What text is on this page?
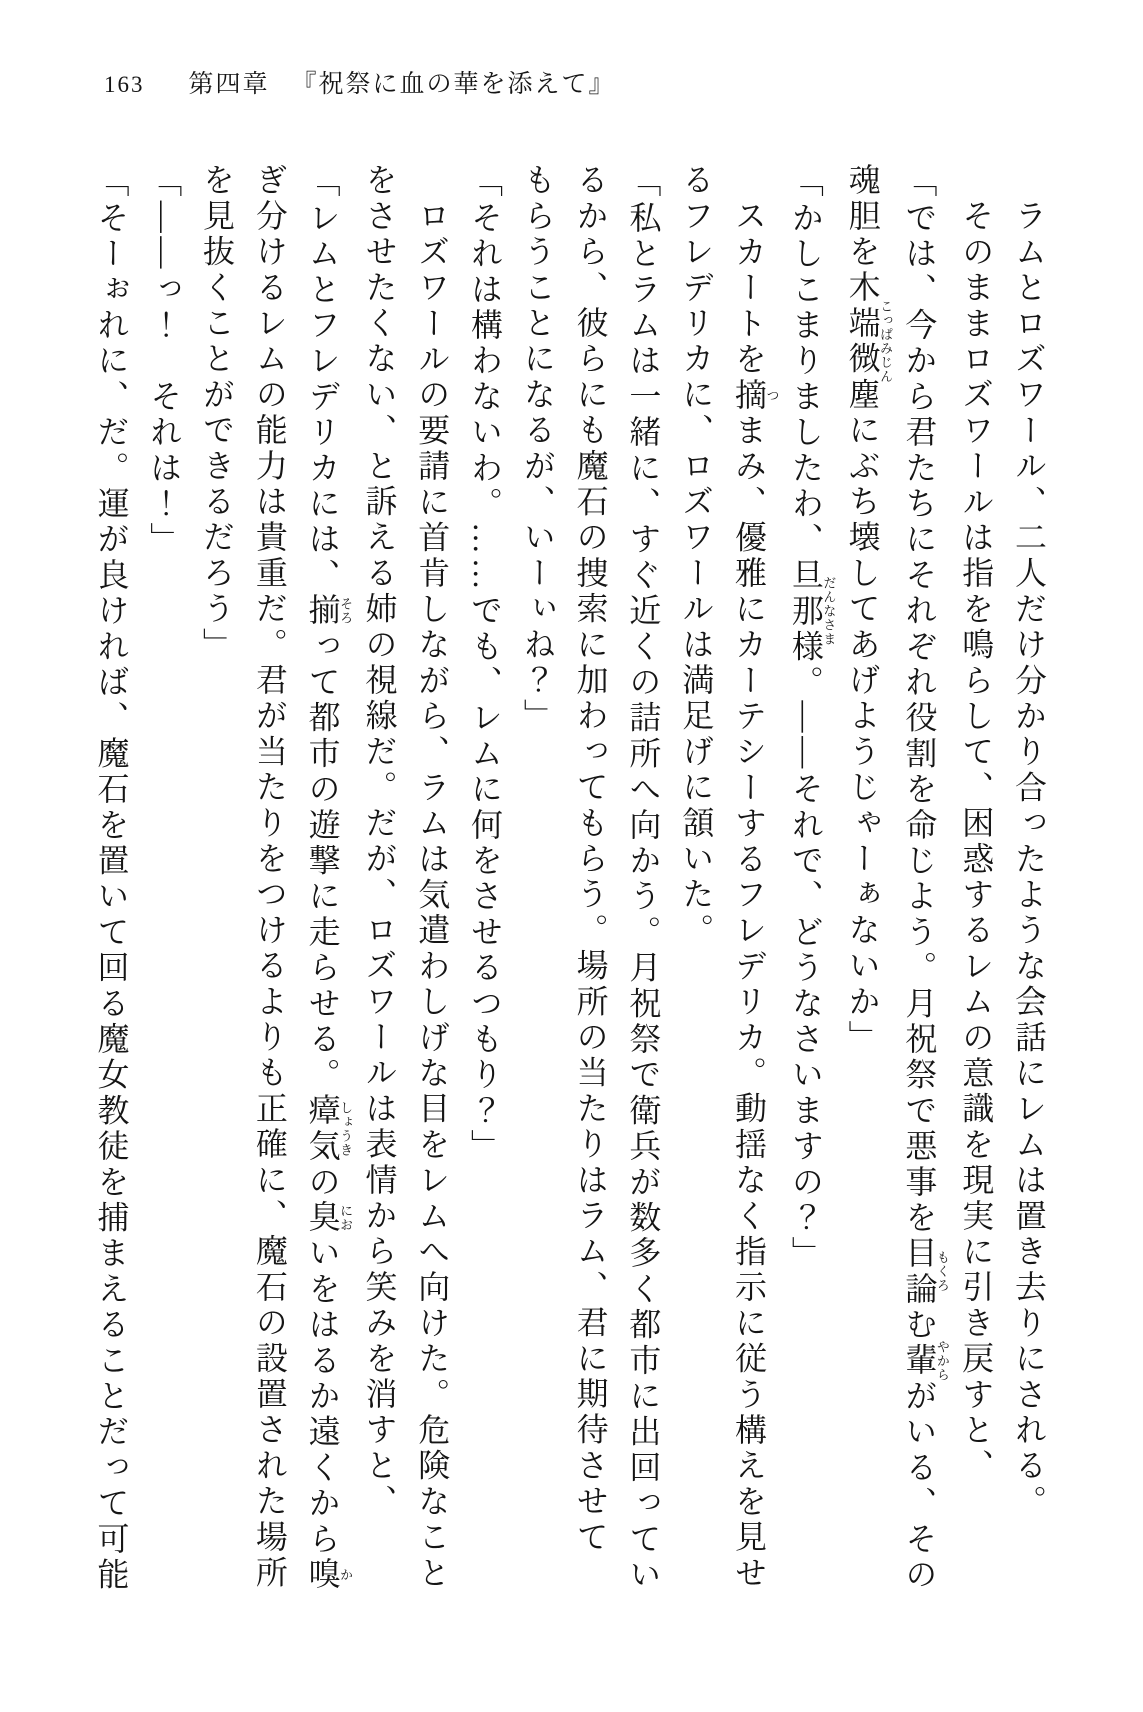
163 第四章 『祝祭に血の華を添えて』

ラムとロズワール、二人だけ分かり合ったような会話にレムは置き去りにされる。

そのままロズワールは指を鳴らして、困惑するレムの意識を現実に引き戻すと、

「では、今から君たちにそれぞれ役割を命じよう。月祝祭で悪事を目論もくろむ輩やからがいる、その

魂胆を木端微塵こっぱみじんにぶち壊してあげようじゃーぁないか」

「かしこまりましたわ、旦那様だんなさま。――それで、どうなさいますの？」

スカートを摘つまみ、優雅にカーテシーするフレデリカ。動揺なく指示に従う構えを見せ

るフレデリカに、ロズワールは満足げに頷いた。

「私とラムは一緒に、すぐ近くの詰所へ向かう。月祝祭で衛兵が数多く都市に出回ってい

るから、彼らにも魔石の捜索に加わってもらう。場所の当たりはラム、君に期待させて

もらうことになるが、いーぃね？」

「それは構わないわ。……でも、レムに何をさせるつもり？」

ロズワールの要請に首肯しながら、ラムは気遣わしげな目をレムへ向けた。危険なこと

をさせたくない、と訴える姉の視線だ。だが、ロズワールは表情から笑みを消すと、

「レムとフレデリカには、揃そろって都市の遊撃に走らせる。瘴気しょうきの臭においをはるか遠くから嗅か

ぎ分けるレムの能力は貴重だ。君が当たりをつけるよりも正確に、魔石の設置された場所

を見抜くことができるだろう」

「――っ！　それは！」

「そーぉれに、だ。運が良ければ、魔石を置いて回る魔女教徒を捕まえることだって可能
